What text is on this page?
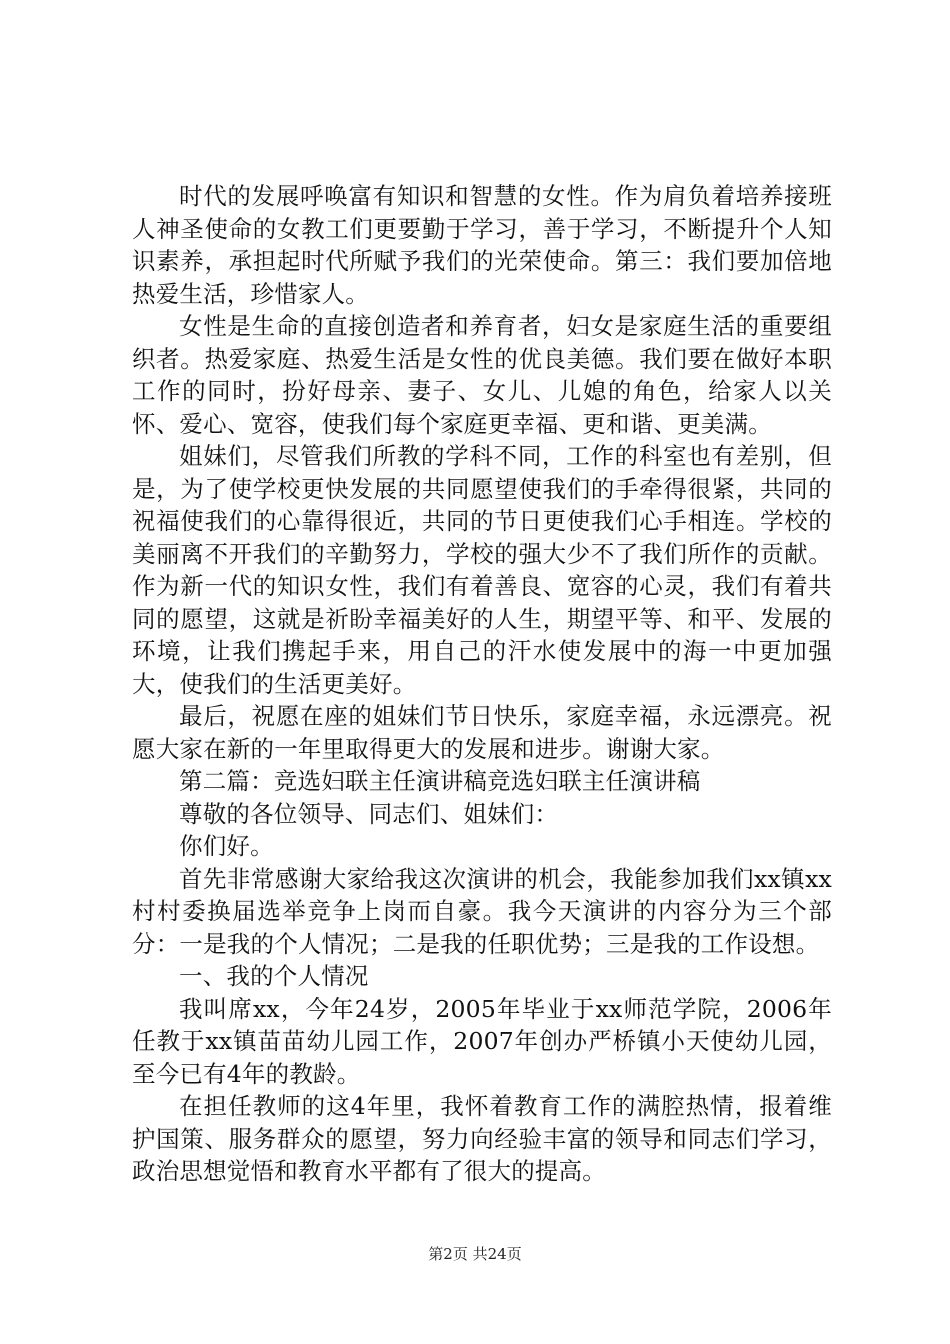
时代的发展呼唤富有知识和智慧的女性。作为肩负着培养接班人神圣使命的女教工们更要勤于学习，善于学习，不断提升个人知识素养，承担起时代所赋予我们的光荣使命。第三：我们要加倍地热爱生活，珍惜家人。

女性是生命的直接创造者和养育者，妇女是家庭生活的重要组织者。热爱家庭、热爱生活是女性的优良美德。我们要在做好本职工作的同时，扮好母亲、妻子、女儿、儿媳的角色，给家人以关怀、爱心、宽容，使我们每个家庭更幸福、更和谐、更美满。

姐妹们，尽管我们所教的学科不同，工作的科室也有差别，但是，为了使学校更快发展的共同愿望使我们的手牵得很紧，共同的祝福使我们的心靠得很近，共同的节日更使我们心手相连。学校的美丽离不开我们的辛勤努力，学校的强大少不了我们所作的贡献。作为新一代的知识女性，我们有着善良、宽容的心灵，我们有着共同的愿望，这就是祈盼幸福美好的人生，期望平等、和平、发展的环境，让我们携起手来，用自己的汗水使发展中的海一中更加强大，使我们的生活更美好。

最后，祝愿在座的姐妹们节日快乐，家庭幸福，永远漂亮。祝愿大家在新的一年里取得更大的发展和进步。谢谢大家。

第二篇：竞选妇联主任演讲稿竞选妇联主任演讲稿

尊敬的各位领导、同志们、姐妹们：

你们好。

首先非常感谢大家给我这次演讲的机会，我能参加我们xx镇xx村村委换届选举竞争上岗而自豪。我今天演讲的内容分为三个部分：一是我的个人情况；二是我的任职优势；三是我的工作设想。

一、我的个人情况

我叫席xx，今年24岁，2005年毕业于xx师范学院，2006年任教于xx镇苗苗幼儿园工作，2007年创办严桥镇小天使幼儿园，至今已有4年的教龄。

在担任教师的这4年里，我怀着教育工作的满腔热情，报着维护国策、服务群众的愿望，努力向经验丰富的领导和同志们学习，政治思想觉悟和教育水平都有了很大的提高。

第2页 共24页
